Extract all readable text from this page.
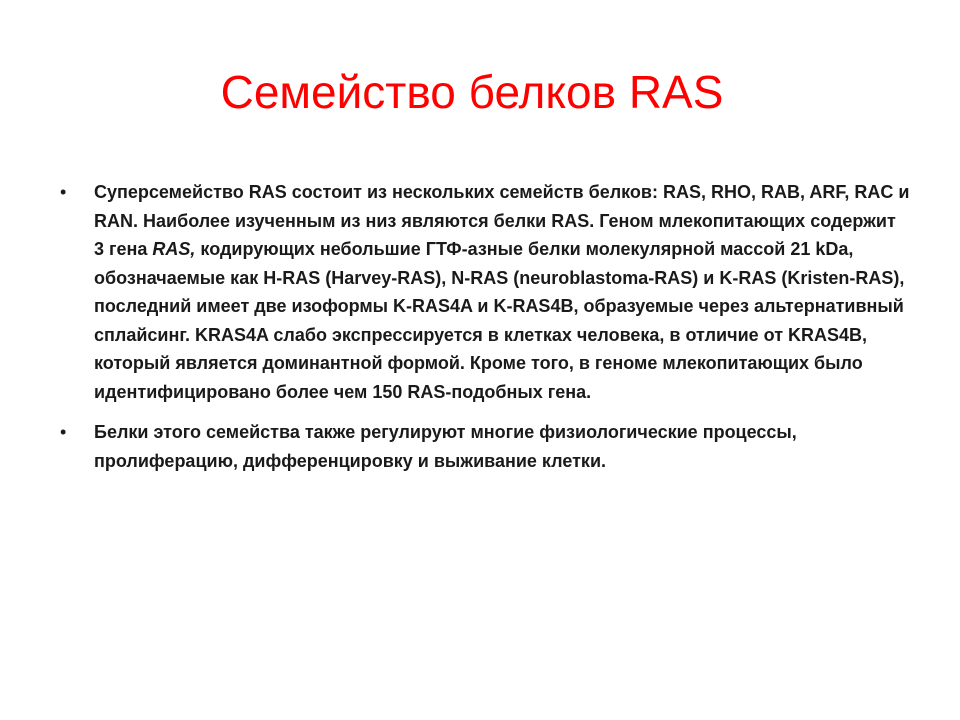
Семейство белков RAS
•	Суперсемейство RAS состоит из нескольких семейств белков: RAS, RHO, RAB, ARF, RAC и RAN. Наиболее изученным из низ являются белки RAS. Геном млекопитающих содержит 3 гена RAS, кодирующих небольшие ГТФ-азные белки молекулярной массой 21 kDa, обозначаемые как H-RAS (Harvey-RAS), N-RAS (neuroblastoma-RAS) и K-RAS (Kristen-RAS), последний имеет две изоформы K-RAS4A и K-RAS4B, образуемые через альтернативный сплайсинг. KRAS4A слабо экспрессируется в клетках человека, в отличие от KRAS4B, который является доминантной формой. Кроме того, в геноме млекопитающих было идентифицировано более чем 150 RAS-подобных гена.
•	Белки этого семейства также регулируют многие физиологические процессы, пролиферацию, дифференцировку и выживание клетки.
